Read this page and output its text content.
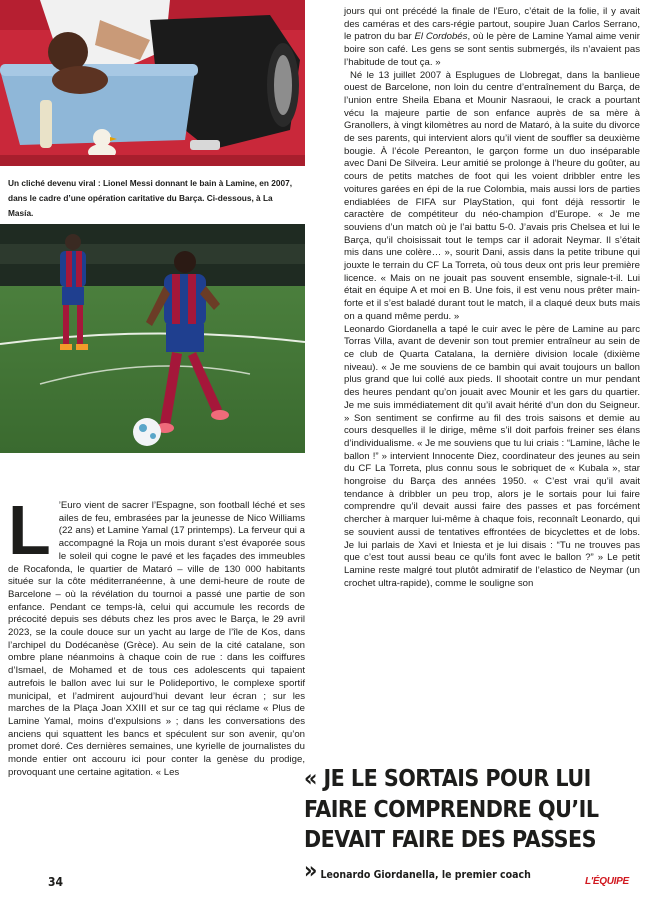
Un cliché devenu viral : Lionel Messi donnant le bain à Lamine, en 2007, dans le cadre d’une opération caritative du Barça. Ci-dessous, à La Masía.
L ’Euro vient de sacrer l’Espagne, son football léché et ses ailes de feu, embrasées par la jeunesse de Nico Williams (22 ans) et Lamine Yamal (17 printemps). La ferveur qui a accompagné la Roja un mois durant s’est évaporée sous le soleil qui cogne le pavé et les façades des immeubles de Rocafonda, le quartier de Mataró – ville de 130 000 habitants située sur la côte méditerranéenne, à une demi-heure de route de Barcelone – où la révélation du tournoi a passé une partie de son enfance. Pendant ce temps-là, celui qui accumule les records de précocité depuis ses débuts chez les pros avec le Barça, le 29 avril 2023, se la coule douce sur un yacht au large de l’île de Kos, dans l’archipel du Dodécanèse (Grèce). Au sein de la cité catalane, son ombre plane néanmoins à chaque coin de rue : dans les coiffures d’Ismael, de Mohamed et de tous ces adolescents qui tapaient autrefois le ballon avec lui sur le Polideportivo, le complexe sportif municipal, et l’admirent aujourd’hui devant leur écran ; sur les marches de la Plaça Joan XXIII et sur ce tag qui réclame « Plus de Lamine Yamal, moins d’expulsions » ; dans les conversations des anciens qui squattent les bancs et spéculent sur son avenir, qu’on promet doré. Ces dernières semaines, une kyrielle de journalistes du monde entier ont accouru ici pour conter la genèse du prodige, provoquant une certaine agitation. « Les

jours qui ont précédé la finale de l’Euro, c’était de la folie, il y avait des caméras et des cars-régie partout, soupire Juan Carlos Serrano, le patron du bar El Cordobés, où le père de Lamine Yamal aime venir boire son café. Les gens se sont sentis submergés, ils n’avaient pas l’habitude de tout ça. »

Né le 13 juillet 2007 à Esplugues de Llobregat, dans la banlieue ouest de Barcelone, non loin du centre d’entraînement du Barça, de l’union entre Sheila Ebana et Mounir Nasraoui, le crack a pourtant vécu la majeure partie de son enfance auprès de sa mère à Granollers, à vingt kilomètres au nord de Mataró, à la suite du divorce de ses parents, qui intervient alors qu’il vient de souffler sa deuxième bougie. À l’école Pereanton, le garçon forme un duo inséparable avec Dani De Silveira. Leur amitié se prolonge à l’heure du goûter, au cours de petits matches de foot qui les voient dribbler entre les voitures garées en épi de la rue Colombia, mais aussi lors de parties endiablées de FIFA sur PlayStation, qui font déjà ressortir le caractère de compétiteur du néo-champion d’Europe. « Je me souviens d’un match où je l’ai battu 5-0. J’avais pris Chelsea et lui le Barça, qu’il choisissait tout le temps car il adorait Neymar. Il s’était mis dans une colère… », sourit Dani, assis dans la petite tribune qui jouxte le terrain du CF La Torreta, où tous deux ont pris leur première licence. « Mais on ne jouait pas souvent ensemble, signale-t-il. Lui était en équipe A et moi en B. Une fois, il est venu nous prêter main-forte et il s’est baladé durant tout le match, il a claqué deux buts mais on a quand même perdu. »

Leonardo Giordanella a tapé le cuir avec le père de Lamine au parc Torras Villa, avant de devenir son tout premier entraîneur au sein de ce club de Quarta Catalana, la dernière division locale (dixième niveau). « Je me souviens de ce bambin qui avait toujours un ballon plus grand que lui collé aux pieds. Il shootait contre un mur pendant des heures pendant qu’on jouait avec Mounir et les gars du quartier. Je me suis immédiatement dit qu’il avait hérité d’un don du Seigneur. » Son sentiment se confirme au fil des trois saisons et demie au cours desquelles il le dirige, même s’il doit parfois freiner ses élans d’individualisme. « Je me souviens que tu lui criais : “Lamine, lâche le ballon !” » intervient Innocente Diez, coordinateur des jeunes au sein du CF La Torreta, plus connu sous le sobriquet de « Kubala », star hongroise du Barça des années 1950. « C’est vrai qu’il avait tendance à dribbler un peu trop, alors je le sortais pour lui faire comprendre qu’il devait aussi faire des passes et pas forcément chercher à marquer lui-même à chaque fois, reconnaît Leonardo, qui se souvient aussi de tentatives effrontées de bicyclettes et de lobs. Je lui parlais de Xavi et Iniesta et je lui disais : “Tu ne trouves pas que c’est tout aussi beau ce qu’ils font avec le ballon ?” » Le petit Lamine reste malgré tout plutôt admiratif de l’elastico de Neymar (un crochet ultra-rapide), comme le souligne son

« JE LE SORTAIS POUR LUI FAIRE COMPRENDRE QU’IL DEVAIT FAIRE DES PASSES » Leonardo Giordanella, le premier coach
34	L'ÉQUIPE
